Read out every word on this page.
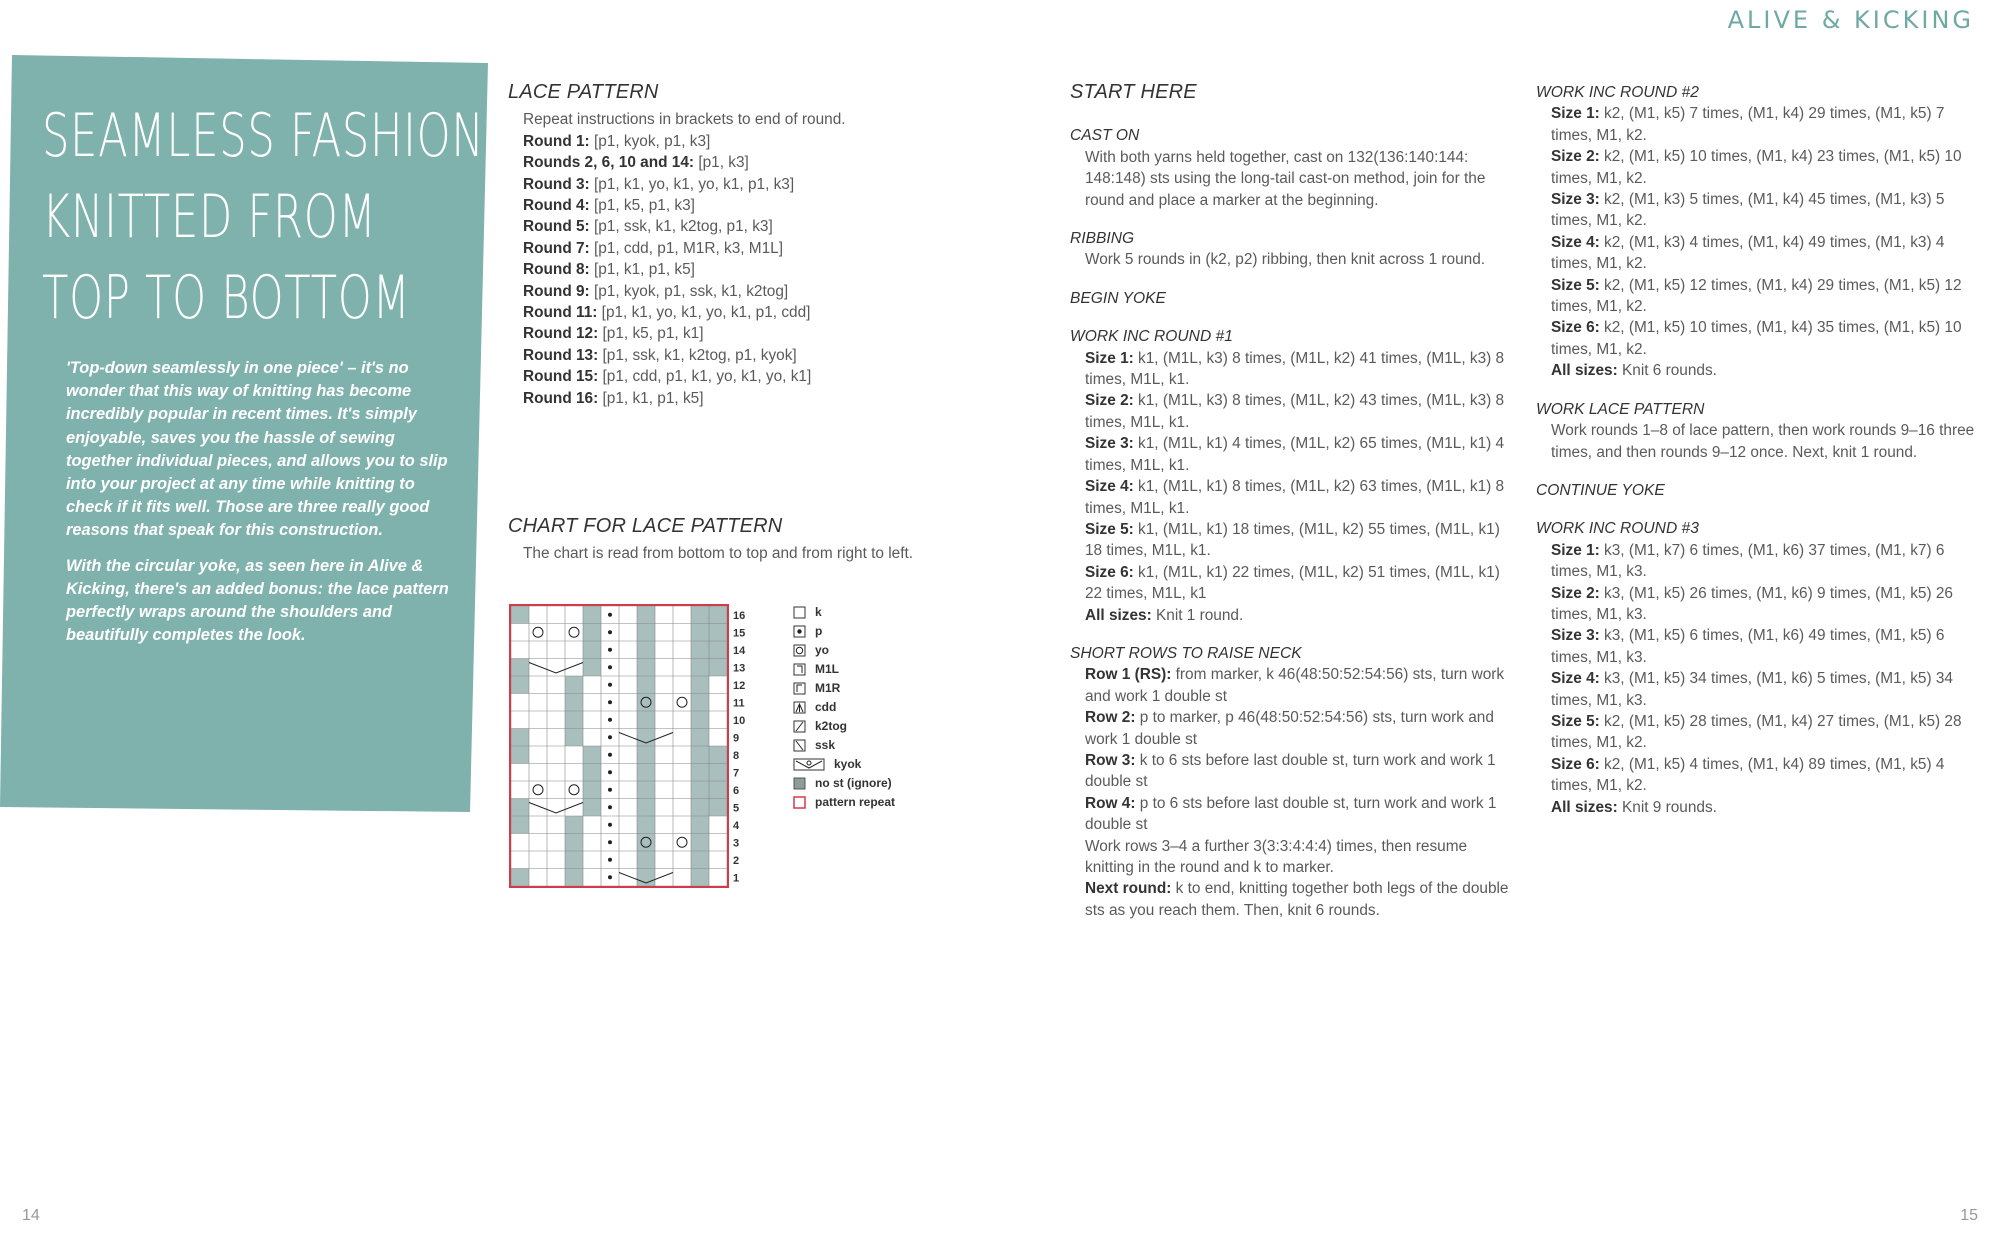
ALIVE & KICKING
SEAMLESS FASHION:
KNITTED FROM
TOP TO BOTTOM

'Top-down seamlessly in one piece' – it's no wonder that this way of knitting has become incredibly popular in recent times. It's simply enjoyable, saves you the hassle of sewing together individual pieces, and allows you to slip into your project at any time while knitting to check if it fits well. Those are three really good reasons that speak for this construction.

With the circular yoke, as seen here in Alive & Kicking, there's an added bonus: the lace pattern perfectly wraps around the shoulders and beautifully completes the look.

LACE PATTERN
Repeat instructions in brackets to end of round.
Round 1: [p1, kyok, p1, k3]
Rounds 2, 6, 10 and 14: [p1, k3]
Round 3: [p1, k1, yo, k1, yo, k1, p1, k3]
Round 4: [p1, k5, p1, k3]
Round 5: [p1, ssk, k1, k2tog, p1, k3]
Round 7: [p1, cdd, p1, M1R, k3, M1L]
Round 8: [p1, k1, p1, k5]
Round 9: [p1, kyok, p1, ssk, k1, k2tog]
Round 11: [p1, k1, yo, k1, yo, k1, p1, cdd]
Round 12: [p1, k5, p1, k1]
Round 13: [p1, ssk, k1, k2tog, p1, kyok]
Round 15: [p1, cdd, p1, k1, yo, k1, yo, k1]
Round 16: [p1, k1, p1, k5]
CHART FOR LACE PATTERN
The chart is read from bottom to top and from right to left.
16
15
14
13
12
11
10
9
8
7
6
5
4
3
2
1
k
p
yo
M1L
M1R
cdd
k2tog
ssk
kyok
no st (ignore)
pattern repeat
START HERE
CAST ON
With both yarns held together, cast on 132(136:140:144: 148:148) sts using the long-tail cast-on method, join for the round and place a marker at the beginning.
RIBBING
Work 5 rounds in (k2, p2) ribbing, then knit across 1 round.
BEGIN YOKE
WORK INC ROUND #1
Size 1: k1, (M1L, k3) 8 times, (M1L, k2) 41 times, (M1L, k3) 8 times, M1L, k1.
Size 2: k1, (M1L, k3) 8 times, (M1L, k2) 43 times, (M1L, k3) 8 times, M1L, k1.
Size 3: k1, (M1L, k1) 4 times, (M1L, k2) 65 times, (M1L, k1) 4 times, M1L, k1.
Size 4: k1, (M1L, k1) 8 times, (M1L, k2) 63 times, (M1L, k1) 8 times, M1L, k1.
Size 5: k1, (M1L, k1) 18 times, (M1L, k2) 55 times, (M1L, k1) 18 times, M1L, k1.
Size 6: k1, (M1L, k1) 22 times, (M1L, k2) 51 times, (M1L, k1) 22 times, M1L, k1
All sizes: Knit 1 round.
SHORT ROWS TO RAISE NECK
Row 1 (RS): from marker, k 46(48:50:52:54:56) sts, turn work and work 1 double st
Row 2: p to marker, p 46(48:50:52:54:56) sts, turn work and work 1 double st
Row 3: k to 6 sts before last double st, turn work and work 1 double st
Row 4: p to 6 sts before last double st, turn work and work 1 double st
Work rows 3–4 a further 3(3:3:4:4:4) times, then resume knitting in the round and k to marker.
Next round: k to end, knitting together both legs of the double sts as you reach them. Then, knit 6 rounds.
WORK INC ROUND #2
Size 1: k2, (M1, k5) 7 times, (M1, k4) 29 times, (M1, k5) 7 times, M1, k2.
Size 2: k2, (M1, k5) 10 times, (M1, k4) 23 times, (M1, k5) 10 times, M1, k2.
Size 3: k2, (M1, k3) 5 times, (M1, k4) 45 times, (M1, k3) 5 times, M1, k2.
Size 4: k2, (M1, k3) 4 times, (M1, k4) 49 times, (M1, k3) 4 times, M1, k2.
Size 5: k2, (M1, k5) 12 times, (M1, k4) 29 times, (M1, k5) 12 times, M1, k2.
Size 6: k2, (M1, k5) 10 times, (M1, k4) 35 times, (M1, k5) 10 times, M1, k2.
All sizes: Knit 6 rounds.
WORK LACE PATTERN
Work rounds 1–8 of lace pattern, then work rounds 9–16 three times, and then rounds 9–12 once. Next, knit 1 round.
CONTINUE YOKE
WORK INC ROUND #3
Size 1: k3, (M1, k7) 6 times, (M1, k6) 37 times, (M1, k7) 6 times, M1, k3.
Size 2: k3, (M1, k5) 26 times, (M1, k6) 9 times, (M1, k5) 26 times, M1, k3.
Size 3: k3, (M1, k5) 6 times, (M1, k6) 49 times, (M1, k5) 6 times, M1, k3.
Size 4: k3, (M1, k5) 34 times, (M1, k6) 5 times, (M1, k5) 34 times, M1, k3.
Size 5: k2, (M1, k5) 28 times, (M1, k4) 27 times, (M1, k5) 28 times, M1, k2.
Size 6: k2, (M1, k5) 4 times, (M1, k4) 89 times, (M1, k5) 4 times, M1, k2.
All sizes: Knit 9 rounds.
14	15
